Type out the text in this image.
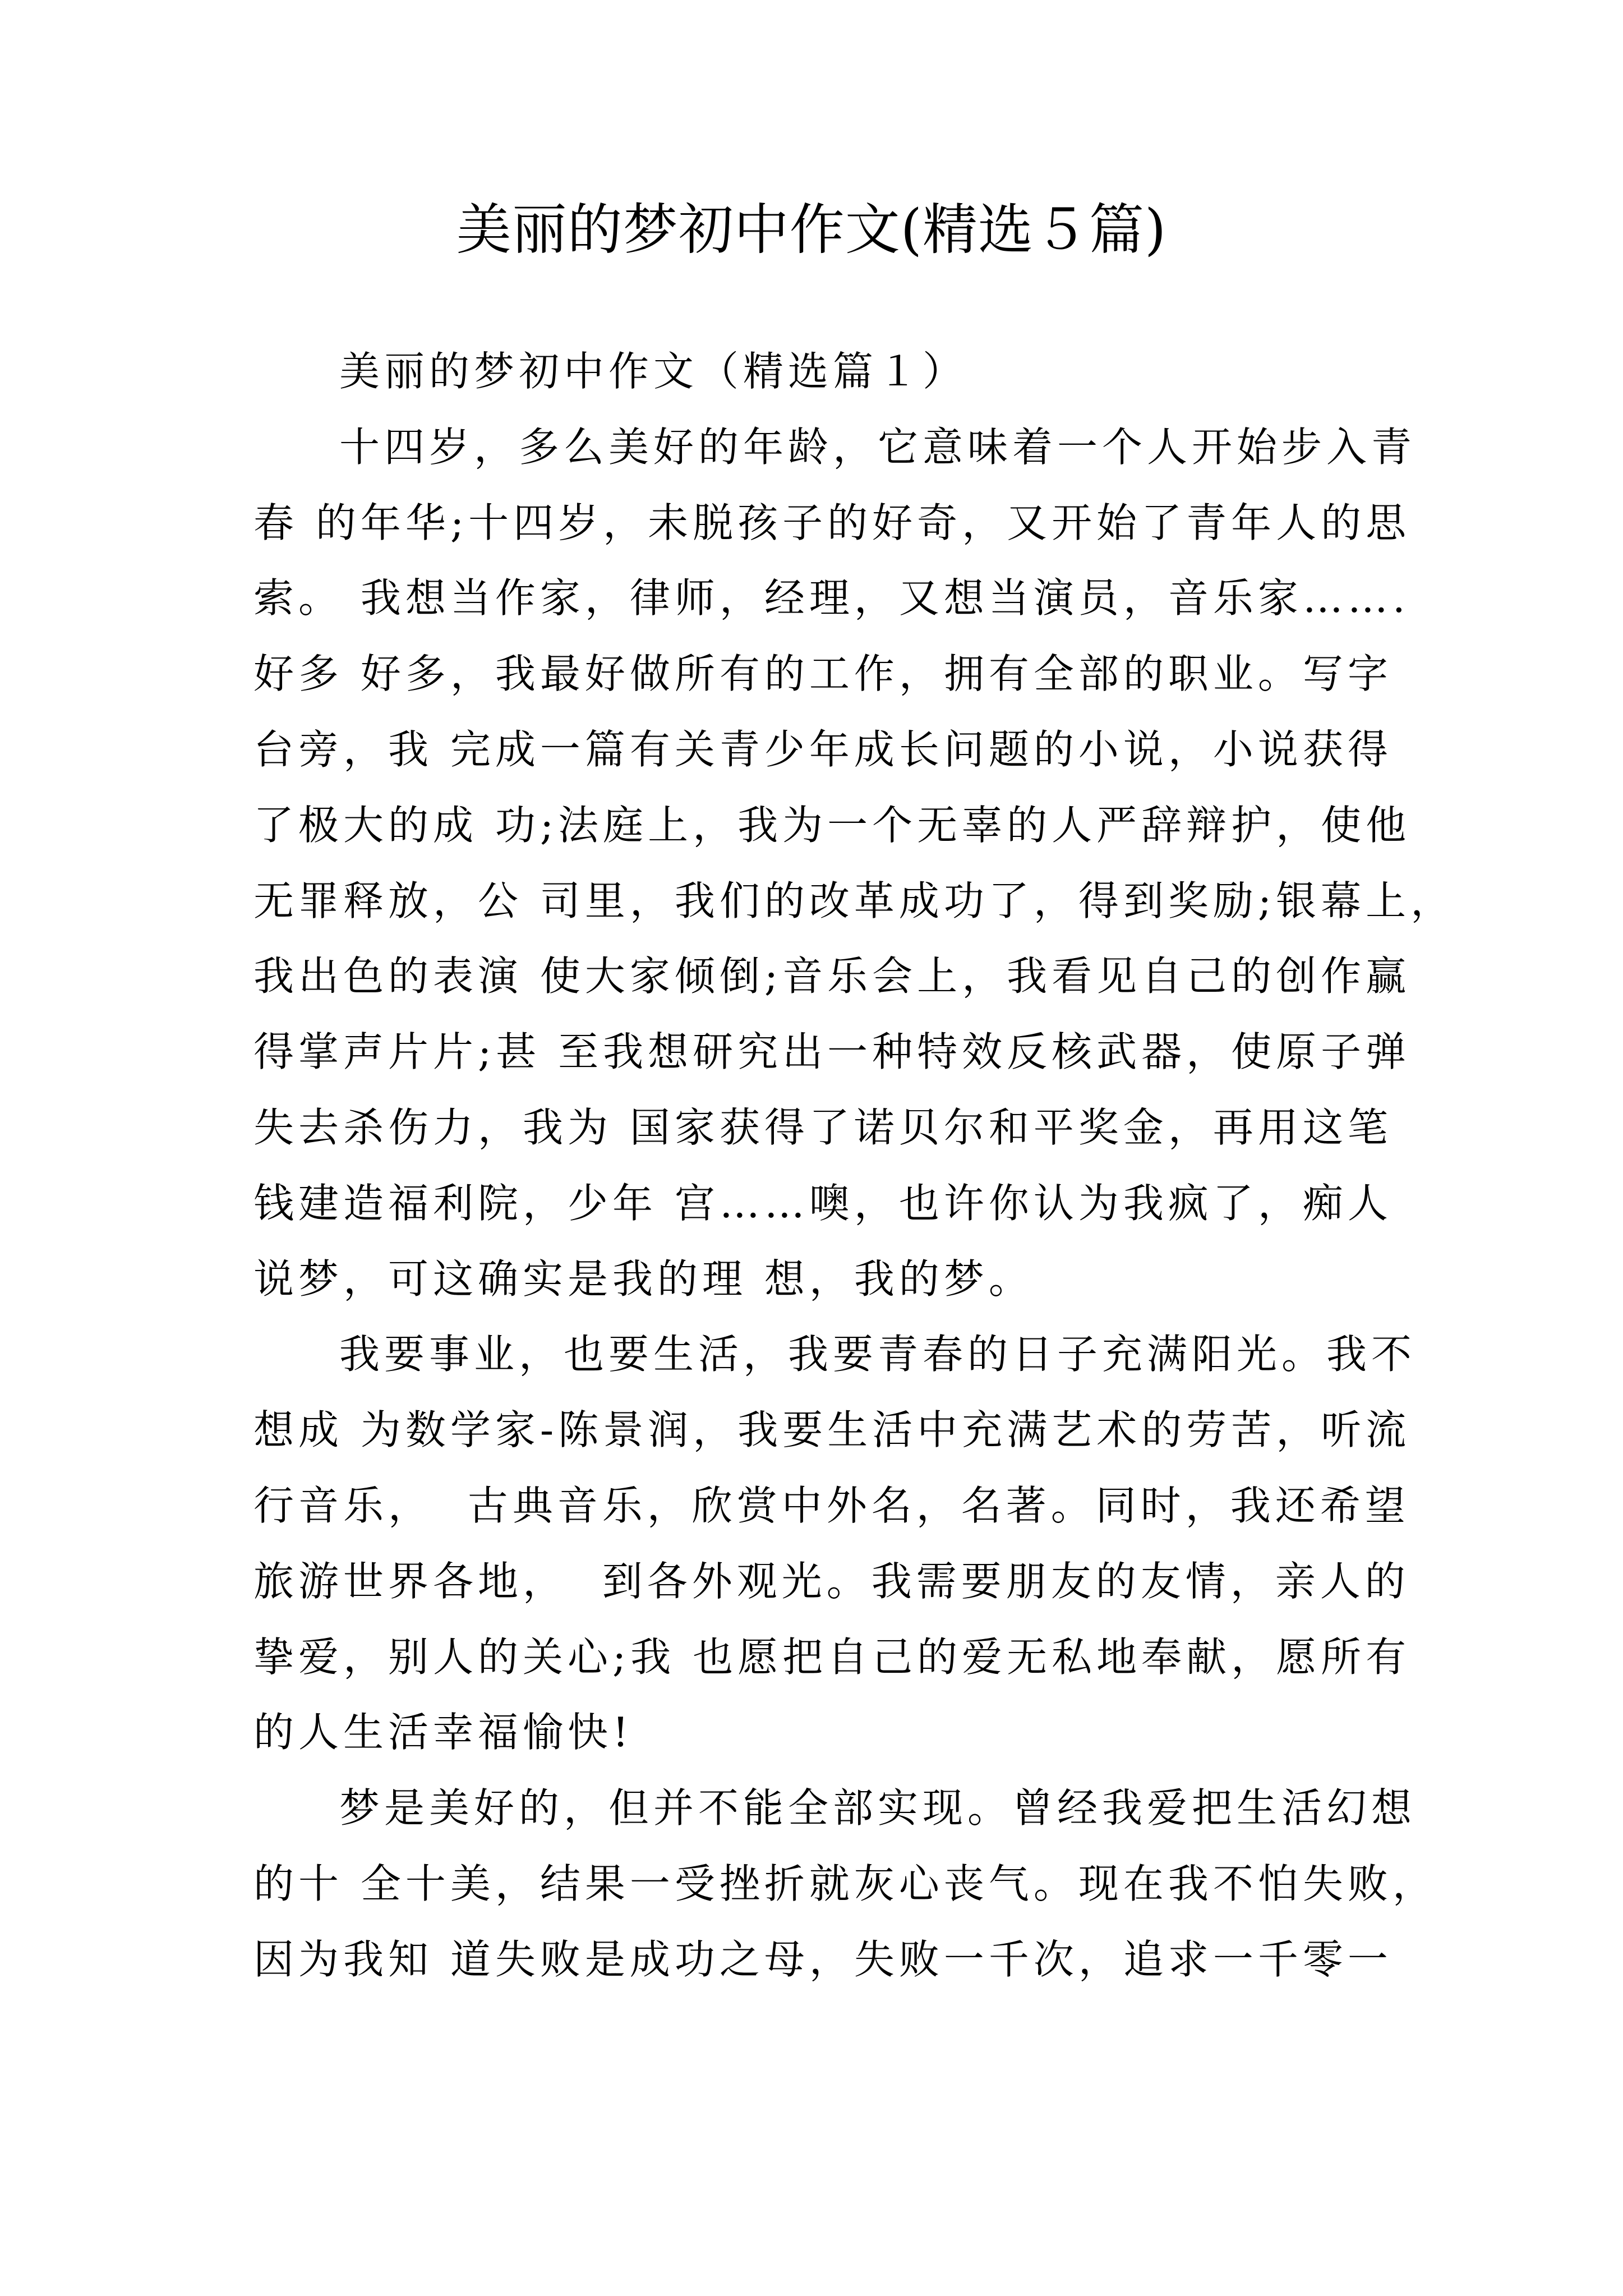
美丽的梦初中作文(精选５篇)
美丽的梦初中作文（精选篇１）
十四岁，多么美好的年龄，它意味着一个人开始步入青
春 的年华;十四岁，未脱孩子的好奇，又开始了青年人的思
索。 我想当作家，律师，经理，又想当演员，音乐家…….
好多 好多，我最好做所有的工作，拥有全部的职业。写字
台旁，我 完成一篇有关青少年成长问题的小说，小说获得
了极大的成 功;法庭上，我为一个无辜的人严辞辩护，使他
无罪释放，公 司里，我们的改革成功了，得到奖励;银幕上，
我出色的表演 使大家倾倒;音乐会上，我看见自己的创作赢
得掌声片片;甚 至我想研究出一种特效反核武器，使原子弹
失去杀伤力，我为 国家获得了诺贝尔和平奖金，再用这笔
钱建造福利院，少年 宫……噢，也许你认为我疯了，痴人
说梦，可这确实是我的理 想，我的梦。
我要事业，也要生活，我要青春的日子充满阳光。我不
想成 为数学家-陈景润，我要生活中充满艺术的劳苦，听流
行音乐，  古典音乐，欣赏中外名，名著。同时，我还希望
旅游世界各地，  到各外观光。我需要朋友的友情，亲人的
挚爱，别人的关心;我 也愿把自己的爱无私地奉献，愿所有
的人生活幸福愉快!
梦是美好的，但并不能全部实现。曾经我爱把生活幻想
的十 全十美，结果一受挫折就灰心丧气。现在我不怕失败，
因为我知 道失败是成功之母，失败一千次，追求一千零一
